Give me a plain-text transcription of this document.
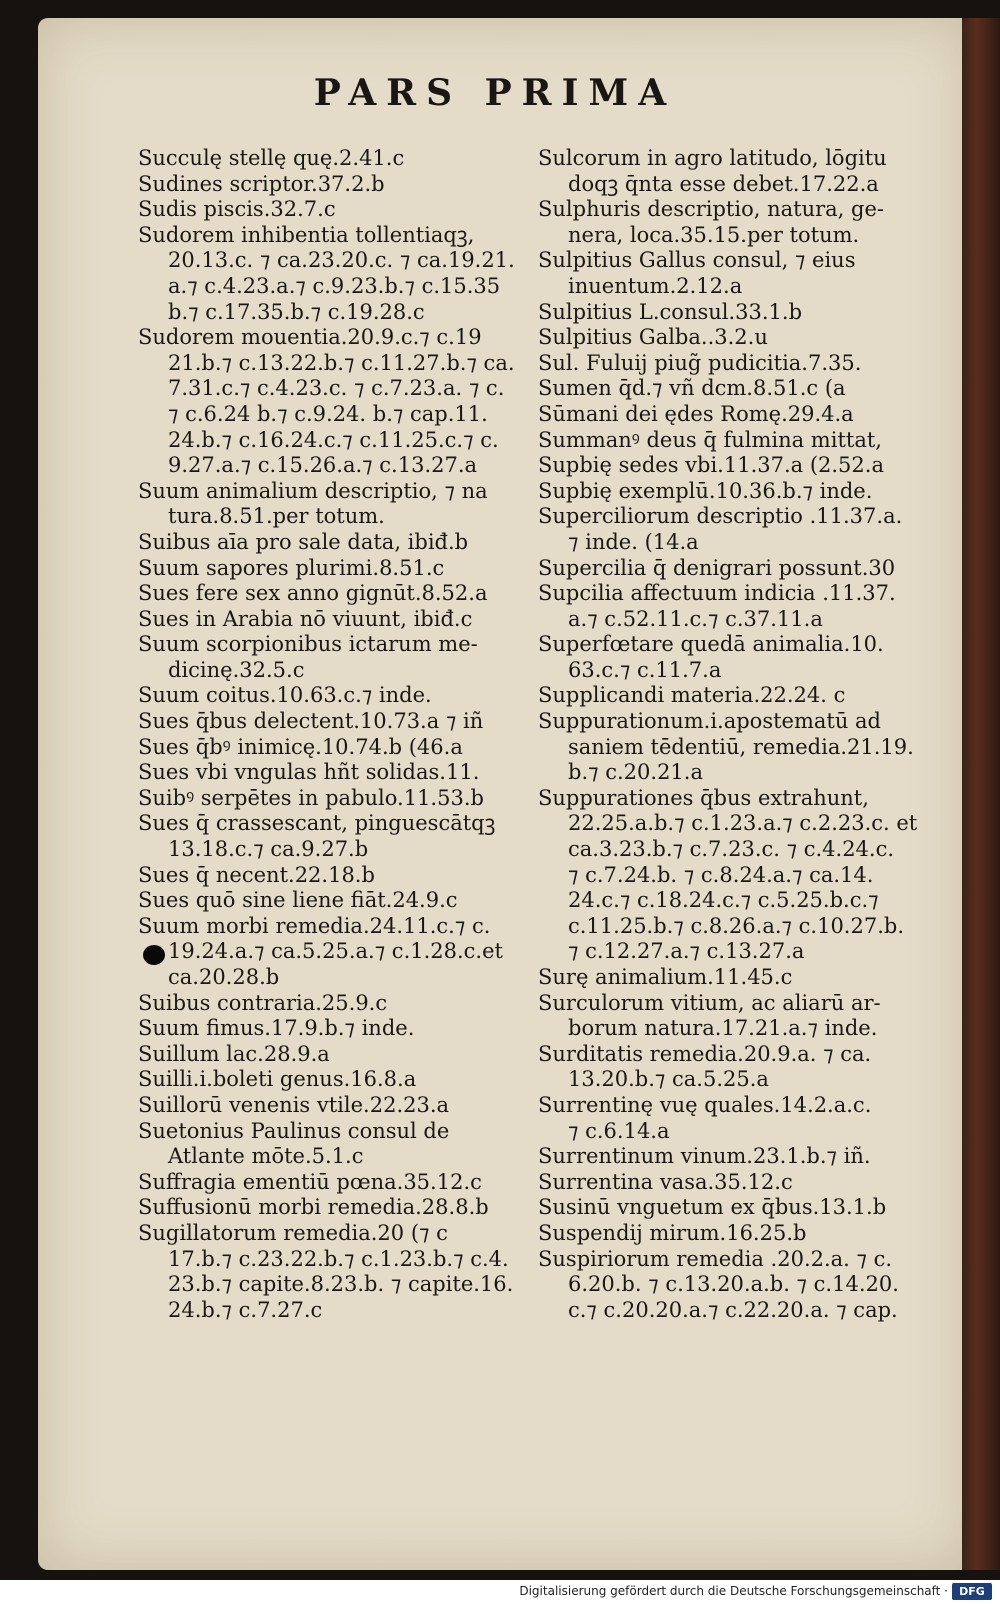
PARS PRIMA
Succulę stellę quę.2.41.c
Sudines scriptor.37.2.b
Sudis piscis.32.7.c
Sudorem inhibentia tollentiaqꝫ,
20.13.c. ⁊ ca.23.20.c. ⁊ ca.19.21.
a.⁊ c.4.23.a.⁊ c.9.23.b.⁊ c.15.35
b.⁊ c.17.35.b.⁊ c.19.28.c
Sudorem mouentia.20.9.c.⁊ c.19
21.b.⁊ c.13.22.b.⁊ c.11.27.b.⁊ ca.
7.31.c.⁊ c.4.23.c. ⁊ c.7.23.a. ⁊ c.
⁊ c.6.24 b.⁊ c.9.24. b.⁊ cap.11.
24.b.⁊ c.16.24.c.⁊ c.11.25.c.⁊ c.
9.27.a.⁊ c.15.26.a.⁊ c.13.27.a
Suum animalium descriptio, ⁊ na
tura.8.51.per totum.
Suibus aīa pro sale data, ibiđ.b
Suum sapores plurimi.8.51.c
Sues fere sex anno gignūt.8.52.a
Sues in Arabia nō viuunt, ibiđ.c
Suum scorpionibus ictarum me-
dicinę.32.5.c
Suum coitus.10.63.c.⁊ inde.
Sues q̄bus delectent.10.73.a ⁊ iñ
Sues q̄bꝰ inimicę.10.74.b (46.a
Sues vbi vngulas hñt solidas.11.
Suibꝰ serpētes in pabulo.11.53.b
Sues q̄ crassescant, pinguescātqꝫ
13.18.c.⁊ ca.9.27.b
Sues q̄ necent.22.18.b
Sues quō sine liene fiāt.24.9.c
Suum morbi remedia.24.11.c.⁊ c.
19.24.a.⁊ ca.5.25.a.⁊ c.1.28.c.et
ca.20.28.b
Suibus contraria.25.9.c
Suum fimus.17.9.b.⁊ inde.
Suillum lac.28.9.a
Suilli.i.boleti genus.16.8.a
Suillorū venenis vtile.22.23.a
Suetonius Paulinus consul de
Atlante mōte.5.1.c
Suffragia ementiū pœna.35.12.c
Suffusionū morbi remedia.28.8.b
Sugillatorum remedia.20 (⁊ c
17.b.⁊ c.23.22.b.⁊ c.1.23.b.⁊ c.4.
23.b.⁊ capite.8.23.b. ⁊ capite.16.
24.b.⁊ c.7.27.c
Sulcorum in agro latitudo, lōgitu
doqꝫ q̄nta esse debet.17.22.a
Sulphuris descriptio, natura, ge-
nera, loca.35.15.per totum.
Sulpitius Gallus consul, ⁊ eius
inuentum.2.12.a
Sulpitius L.consul.33.1.b
Sulpitius Galba..3.2.u
Sul. Fuluij piug̃ pudicitia.7.35.
Sumen q̄d.⁊ vñ dcm.8.51.c (a
Sūmani dei ędes Romę.29.4.a
Summanꝰ deus q̄ fulmina mittat,
Supbię sedes vbi.11.37.a (2.52.a
Supbię exemplū.10.36.b.⁊ inde.
Superciliorum descriptio .11.37.a.
⁊ inde. (14.a
Supercilia q̄ denigrari possunt.30
Supcilia affectuum indicia .11.37.
a.⁊ c.52.11.c.⁊ c.37.11.a
Superfœtare quedā animalia.10.
63.c.⁊ c.11.7.a
Supplicandi materia.22.24. c
Suppurationum.i.apostematū ad
saniem tēdentiū, remedia.21.19.
b.⁊ c.20.21.a
Suppurationes q̄bus extrahunt,
22.25.a.b.⁊ c.1.23.a.⁊ c.2.23.c. et
ca.3.23.b.⁊ c.7.23.c. ⁊ c.4.24.c.
⁊ c.7.24.b. ⁊ c.8.24.a.⁊ ca.14.
24.c.⁊ c.18.24.c.⁊ c.5.25.b.c.⁊
c.11.25.b.⁊ c.8.26.a.⁊ c.10.27.b.
⁊ c.12.27.a.⁊ c.13.27.a
Surę animalium.11.45.c
Surculorum vitium, ac aliarū ar-
borum natura.17.21.a.⁊ inde.
Surditatis remedia.20.9.a. ⁊ ca.
13.20.b.⁊ ca.5.25.a
Surrentinę vuę quales.14.2.a.c.
⁊ c.6.14.a
Surrentinum vinum.23.1.b.⁊ iñ.
Surrentina vasa.35.12.c
Susinū vnguetum ex q̄bus.13.1.b
Suspendij mirum.16.25.b
Suspiriorum remedia .20.2.a. ⁊ c.
6.20.b. ⁊ c.13.20.a.b. ⁊ c.14.20.
c.⁊ c.20.20.a.⁊ c.22.20.a. ⁊ cap.
Digitalisierung gefördert durch die Deutsche Forschungsgemeinschaft ·	DFG
